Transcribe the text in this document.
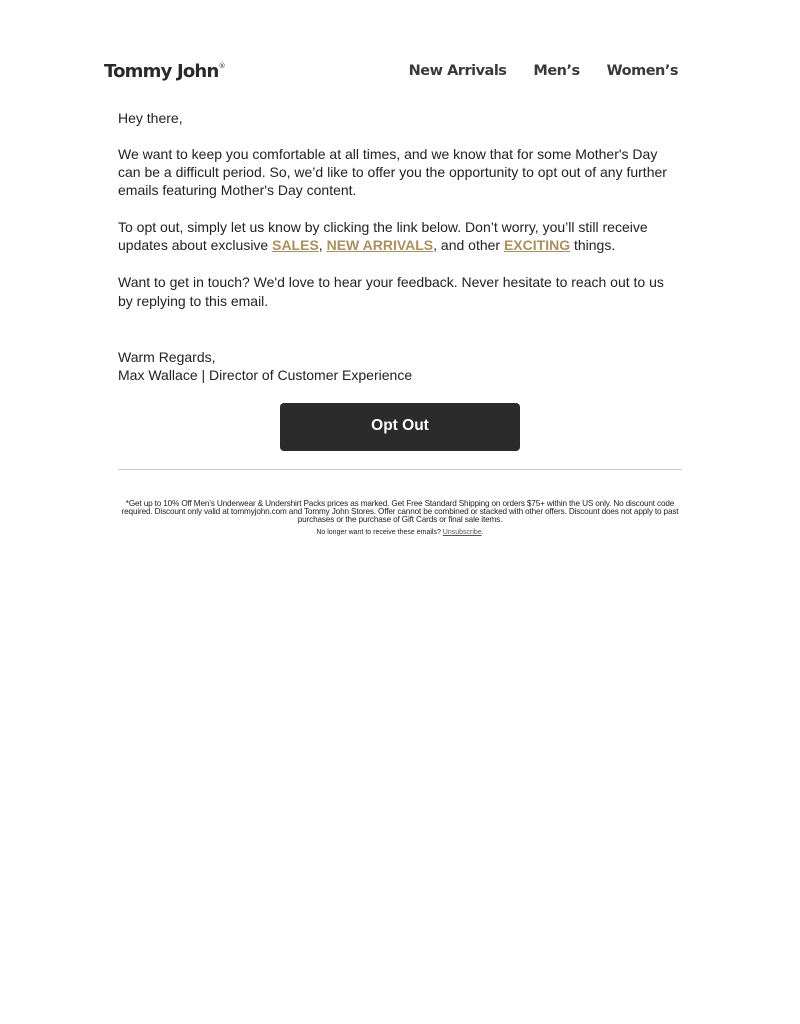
Tommy John®	New Arrivals Men’s Women’s

Hey there,

We want to keep you comfortable at all times, and we know that for some Mother's Day can be a difficult period. So, we’d like to offer you the opportunity to opt out of any further emails featuring Mother's Day content.

To opt out, simply let us know by clicking the link below. Don’t worry, you’ll still receive updates about exclusive SALES, NEW ARRIVALS, and other EXCITING things.

Want to get in touch? We'd love to hear your feedback. Never hesitate to reach out to us by replying to this email.

Warm Regards,

Max Wallace | Director of Customer Experience

Opt Out
*Get up to 10% Off Men’s Underwear & Undershirt Packs prices as marked. Get Free Standard Shipping on orders $75+ within the US only. No discount code required. Discount only valid at tommyjohn.com and Tommy John Stores. Offer cannot be combined or stacked with other offers. Discount does not apply to past purchases or the purchase of Gift Cards or final sale items.
No longer want to receive these emails? Unsubscribe.
